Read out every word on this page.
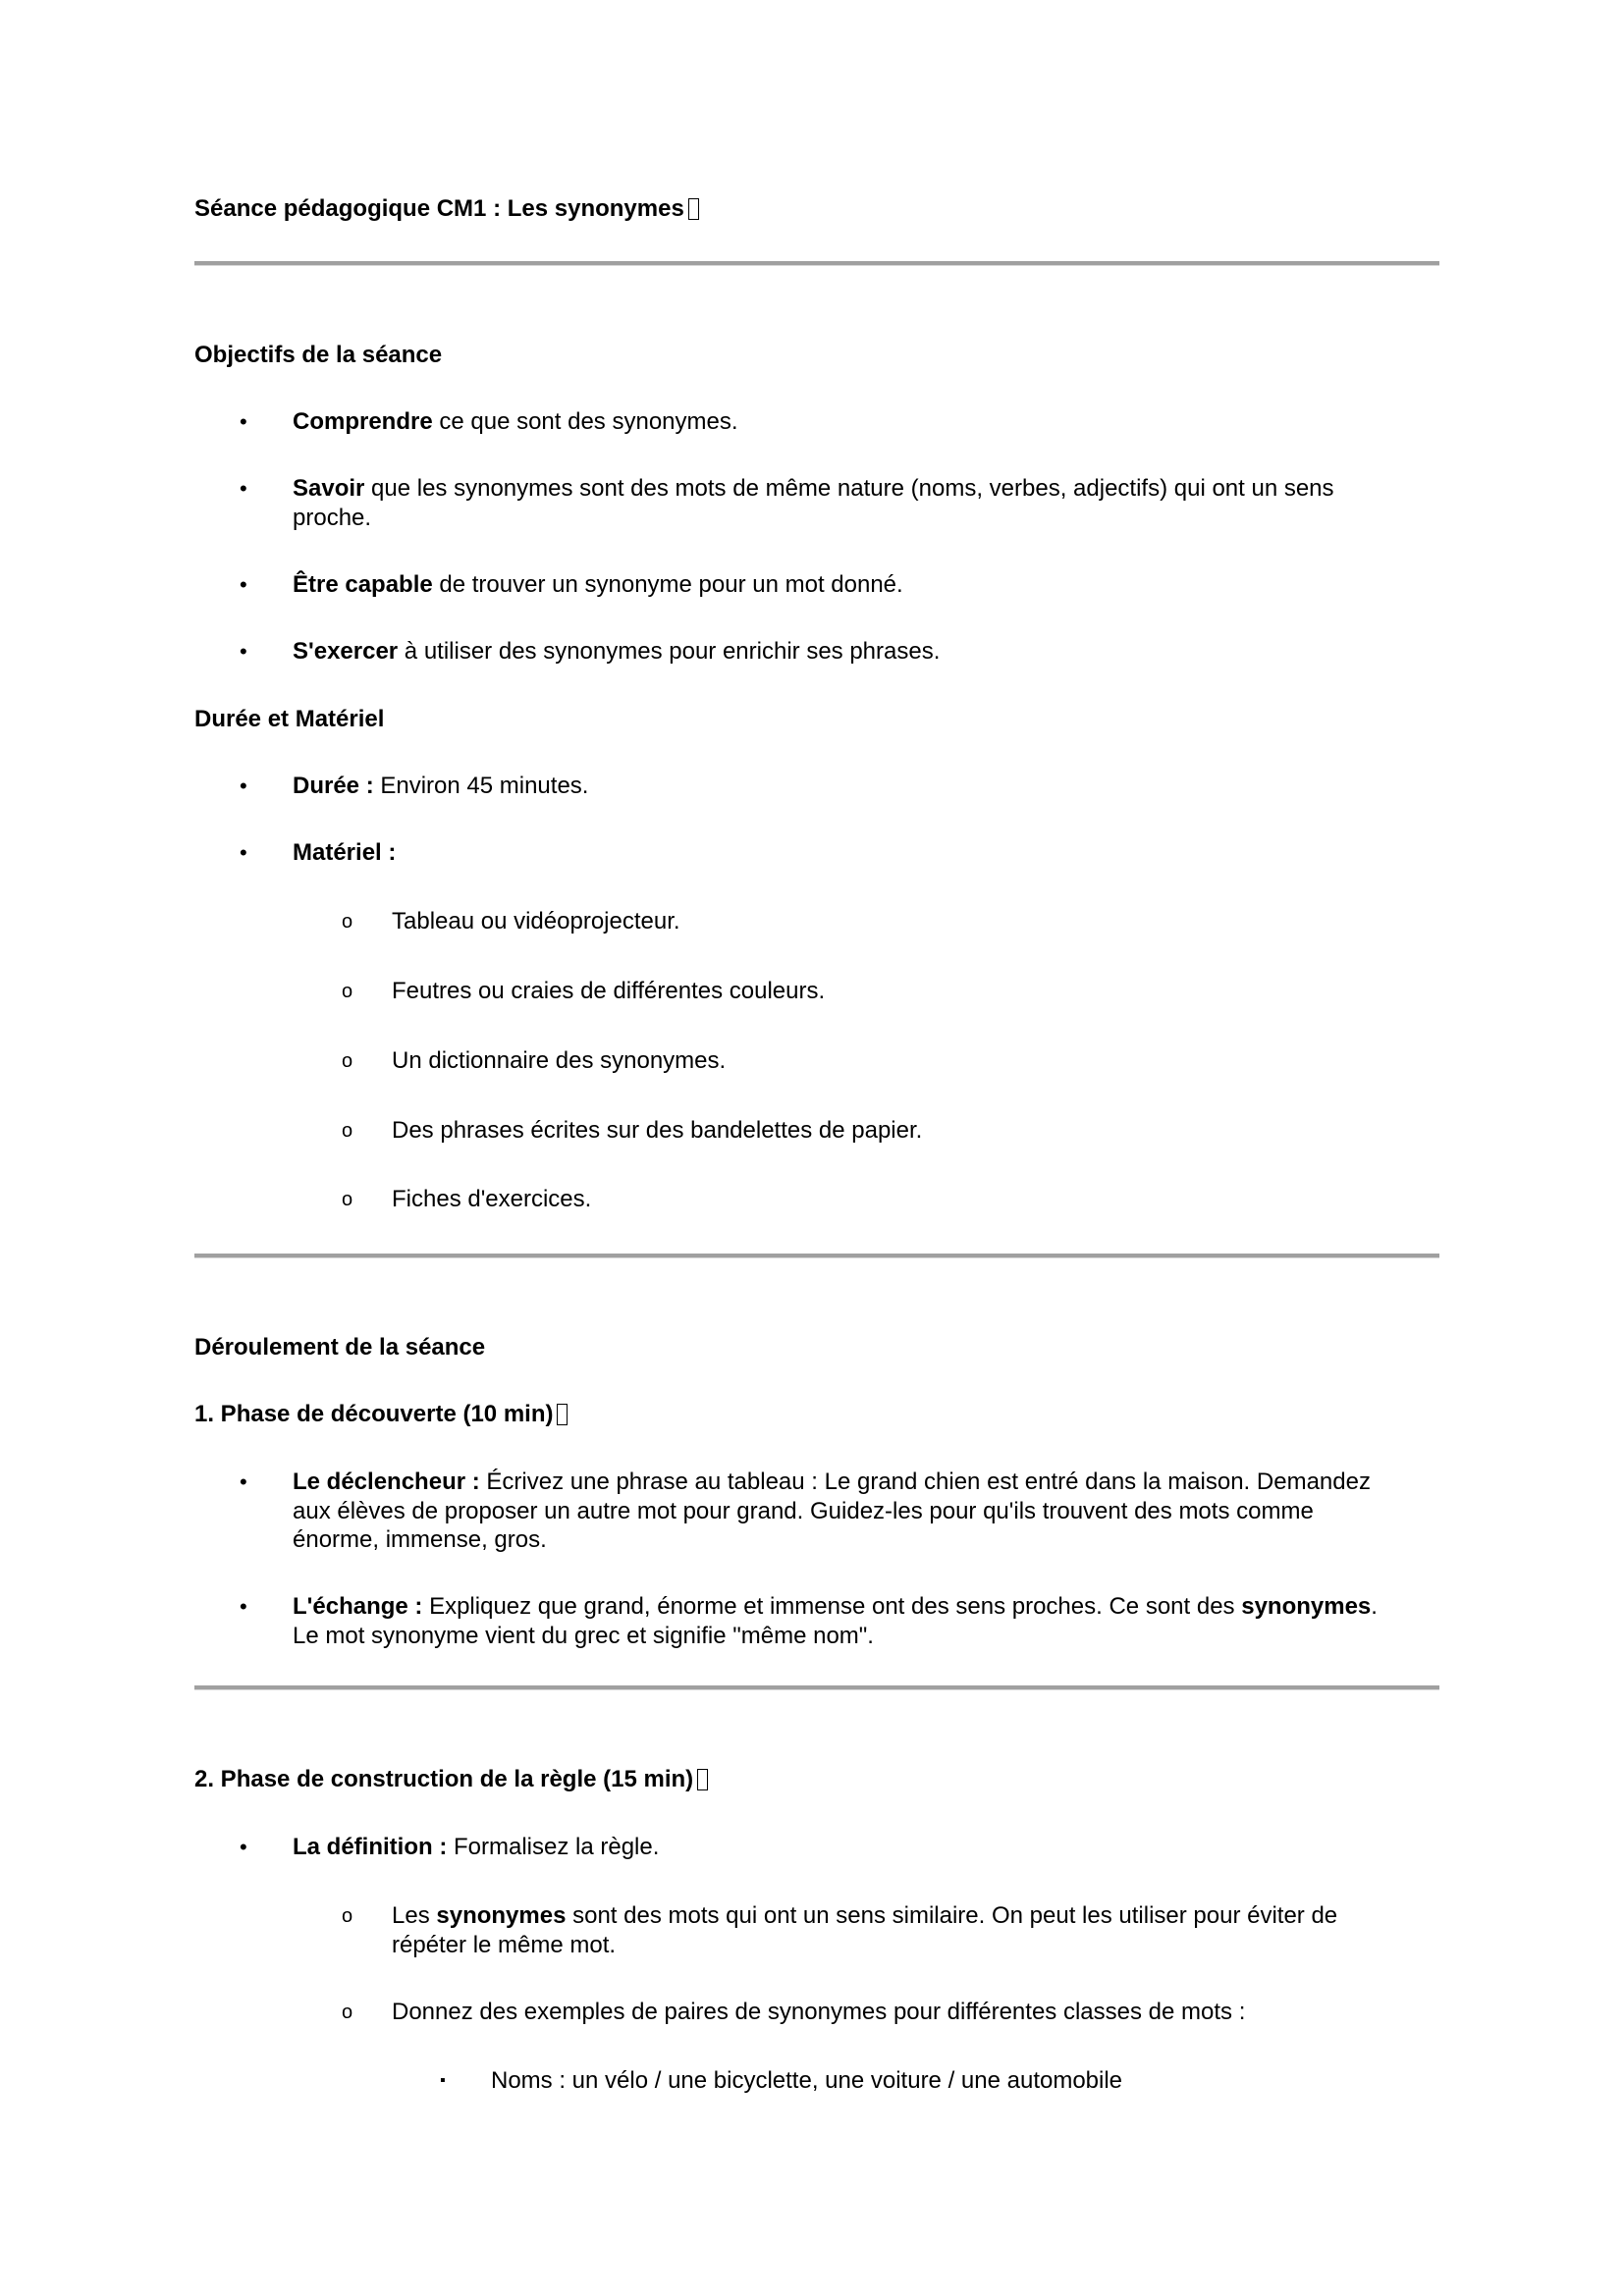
Séance pédagogique CM1 : Les synonymes
Objectifs de la séance
• Comprendre ce que sont des synonymes.
• Savoir que les synonymes sont des mots de même nature (noms, verbes, adjectifs) qui ont un sens
proche.
• Être capable de trouver un synonyme pour un mot donné.
• S'exercer à utiliser des synonymes pour enrichir ses phrases.
Durée et Matériel
• Durée : Environ 45 minutes.
• Matériel :
o Tableau ou vidéoprojecteur.
o Feutres ou craies de différentes couleurs.
o Un dictionnaire des synonymes.
o Des phrases écrites sur des bandelettes de papier.
o Fiches d'exercices.
Déroulement de la séance
1. Phase de découverte (10 min)
• Le déclencheur : Écrivez une phrase au tableau : Le grand chien est entré dans la maison. Demandez
aux élèves de proposer un autre mot pour grand. Guidez-les pour qu'ils trouvent des mots comme
énorme, immense, gros.
• L'échange : Expliquez que grand, énorme et immense ont des sens proches. Ce sont des synonymes.
Le mot synonyme vient du grec et signifie "même nom".
2. Phase de construction de la règle (15 min)
• La définition : Formalisez la règle.
o Les synonymes sont des mots qui ont un sens similaire. On peut les utiliser pour éviter de
répéter le même mot.
o Donnez des exemples de paires de synonymes pour différentes classes de mots :
▪ Noms : un vélo / une bicyclette, une voiture / une automobile
